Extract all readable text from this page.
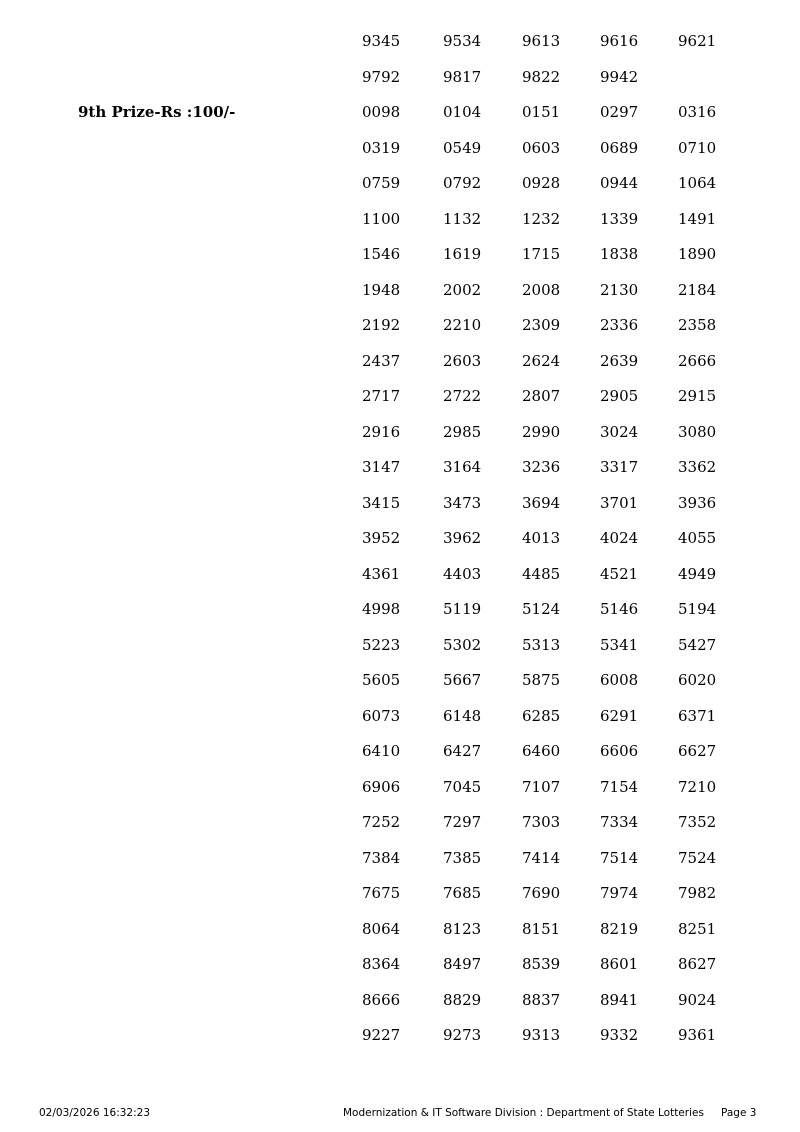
9th Prize-Rs :100/-
9345	9534	9613	9616	9621
9792	9817	9822	9942
0098	0104	0151	0297	0316
0319	0549	0603	0689	0710
0759	0792	0928	0944	1064
1100	1132	1232	1339	1491
1546	1619	1715	1838	1890
1948	2002	2008	2130	2184
2192	2210	2309	2336	2358
2437	2603	2624	2639	2666
2717	2722	2807	2905	2915
2916	2985	2990	3024	3080
3147	3164	3236	3317	3362
3415	3473	3694	3701	3936
3952	3962	4013	4024	4055
4361	4403	4485	4521	4949
4998	5119	5124	5146	5194
5223	5302	5313	5341	5427
5605	5667	5875	6008	6020
6073	6148	6285	6291	6371
6410	6427	6460	6606	6627
6906	7045	7107	7154	7210
7252	7297	7303	7334	7352
7384	7385	7414	7514	7524
7675	7685	7690	7974	7982
8064	8123	8151	8219	8251
8364	8497	8539	8601	8627
8666	8829	8837	8941	9024
9227	9273	9313	9332	9361
02/03/2026 16:32:23	Modernization & IT Software Division : Department of State Lotteries Page 3
